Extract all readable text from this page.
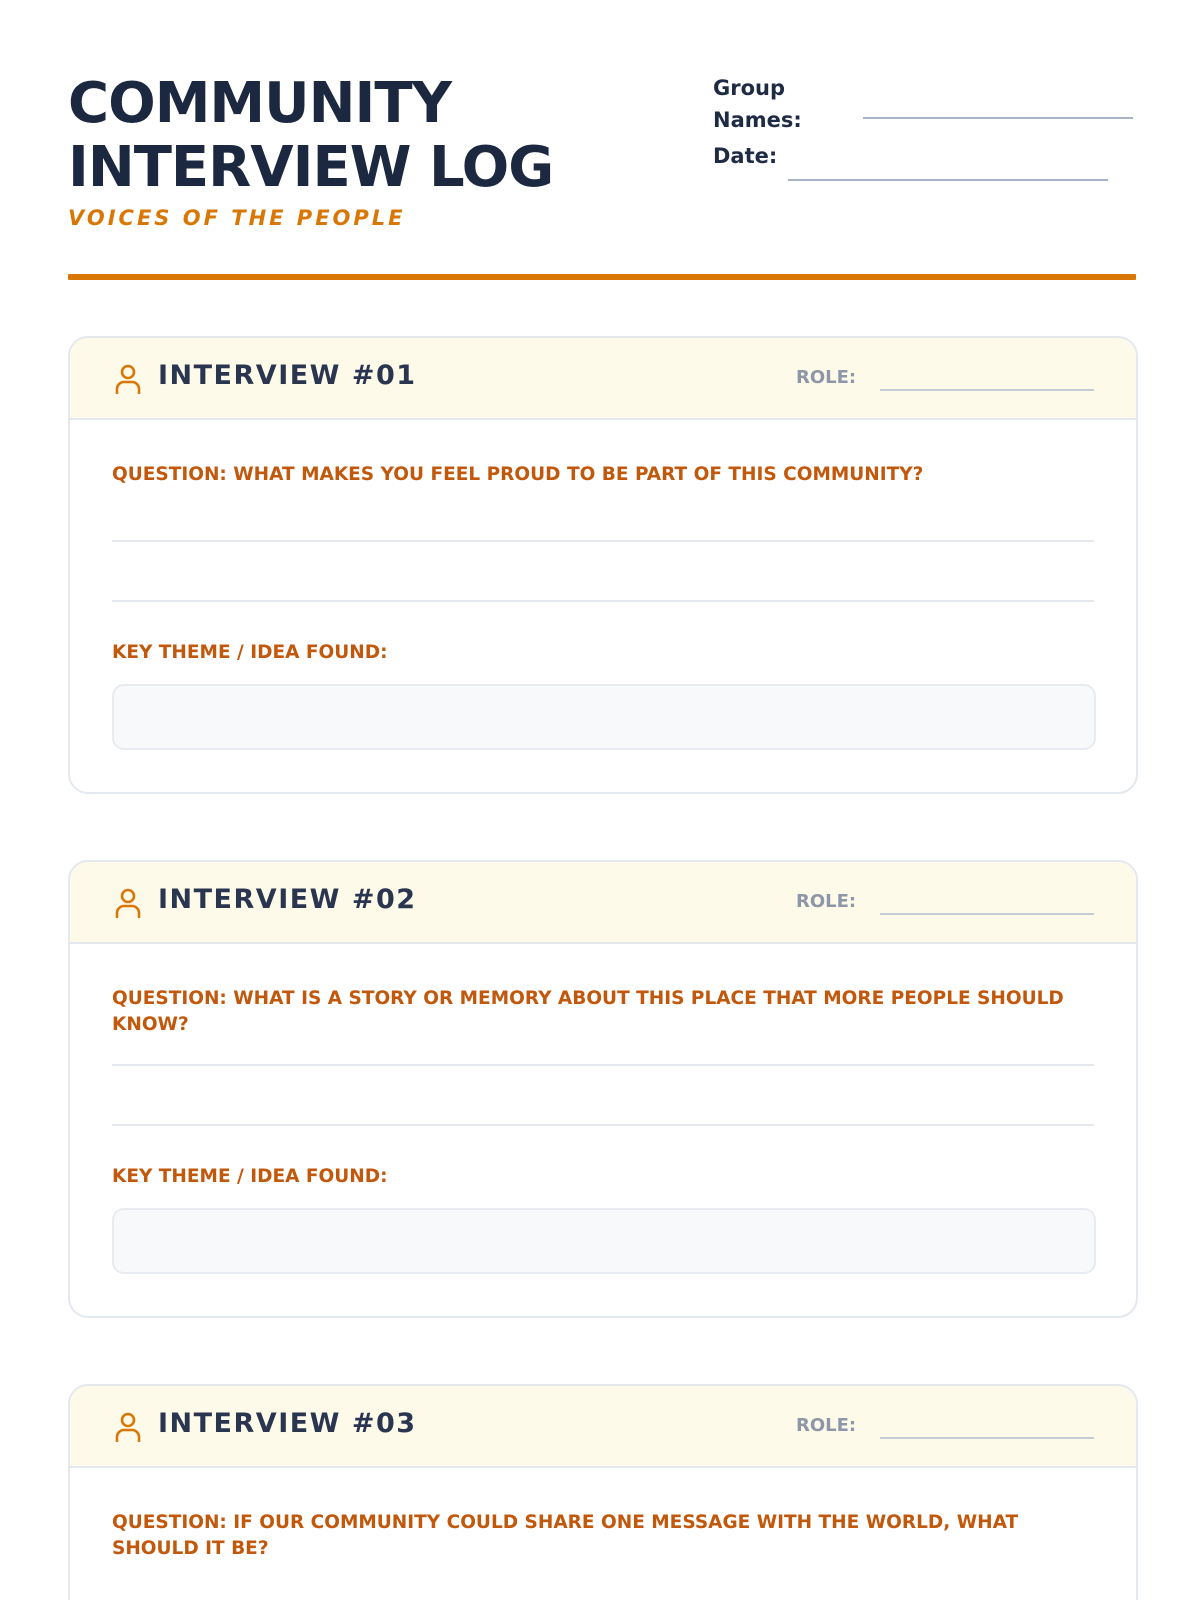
COMMUNITY
INTERVIEW LOG
VOICES OF THE PEOPLE
Group
Names:
Date:
INTERVIEW #01	ROLE:
QUESTION: WHAT MAKES YOU FEEL PROUD TO BE PART OF THIS COMMUNITY?
KEY THEME / IDEA FOUND:
INTERVIEW #02	ROLE:
QUESTION: WHAT IS A STORY OR MEMORY ABOUT THIS PLACE THAT MORE PEOPLE SHOULD KNOW?
KEY THEME / IDEA FOUND:
INTERVIEW #03	ROLE:
QUESTION: IF OUR COMMUNITY COULD SHARE ONE MESSAGE WITH THE WORLD, WHAT SHOULD IT BE?
